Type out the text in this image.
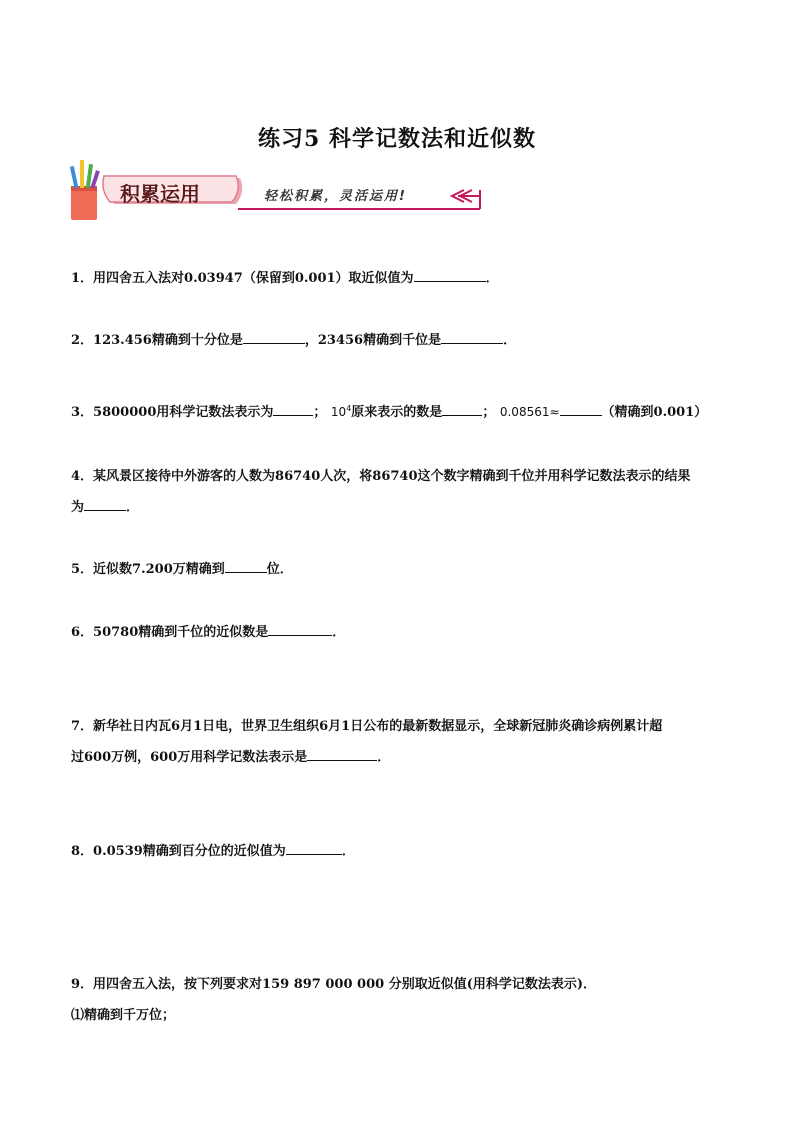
练习5 科学记数法和近似数
积累运用	轻松积累，灵活运用!
1．用四舍五入法对0.03947（保留到0.001）取近似值为	．
2．123.456精确到十分位是	，23456精确到千位是	．
3．5800000用科学记数法表示为	； $10^4$原来表示的数是	； 0.08561≈	（精确到0.001）
4．某风景区接待中外游客的人数为86740人次，将86740这个数字精确到千位并用科学记数法表示的结果
为	．
5．近似数7.200万精确到	位．
6．50780精确到千位的近似数是	．
7．新华社日内瓦6月1日电，世界卫生组织6月1日公布的最新数据显示，全球新冠肺炎确诊病例累计超
过600万例，600万用科学记数法表示是	．
8．0.0539精确到百分位的近似值为	．
9．用四舍五入法，按下列要求对159 897 000 000 分别取近似值(用科学记数法表示)．
⑴精确到千万位；
